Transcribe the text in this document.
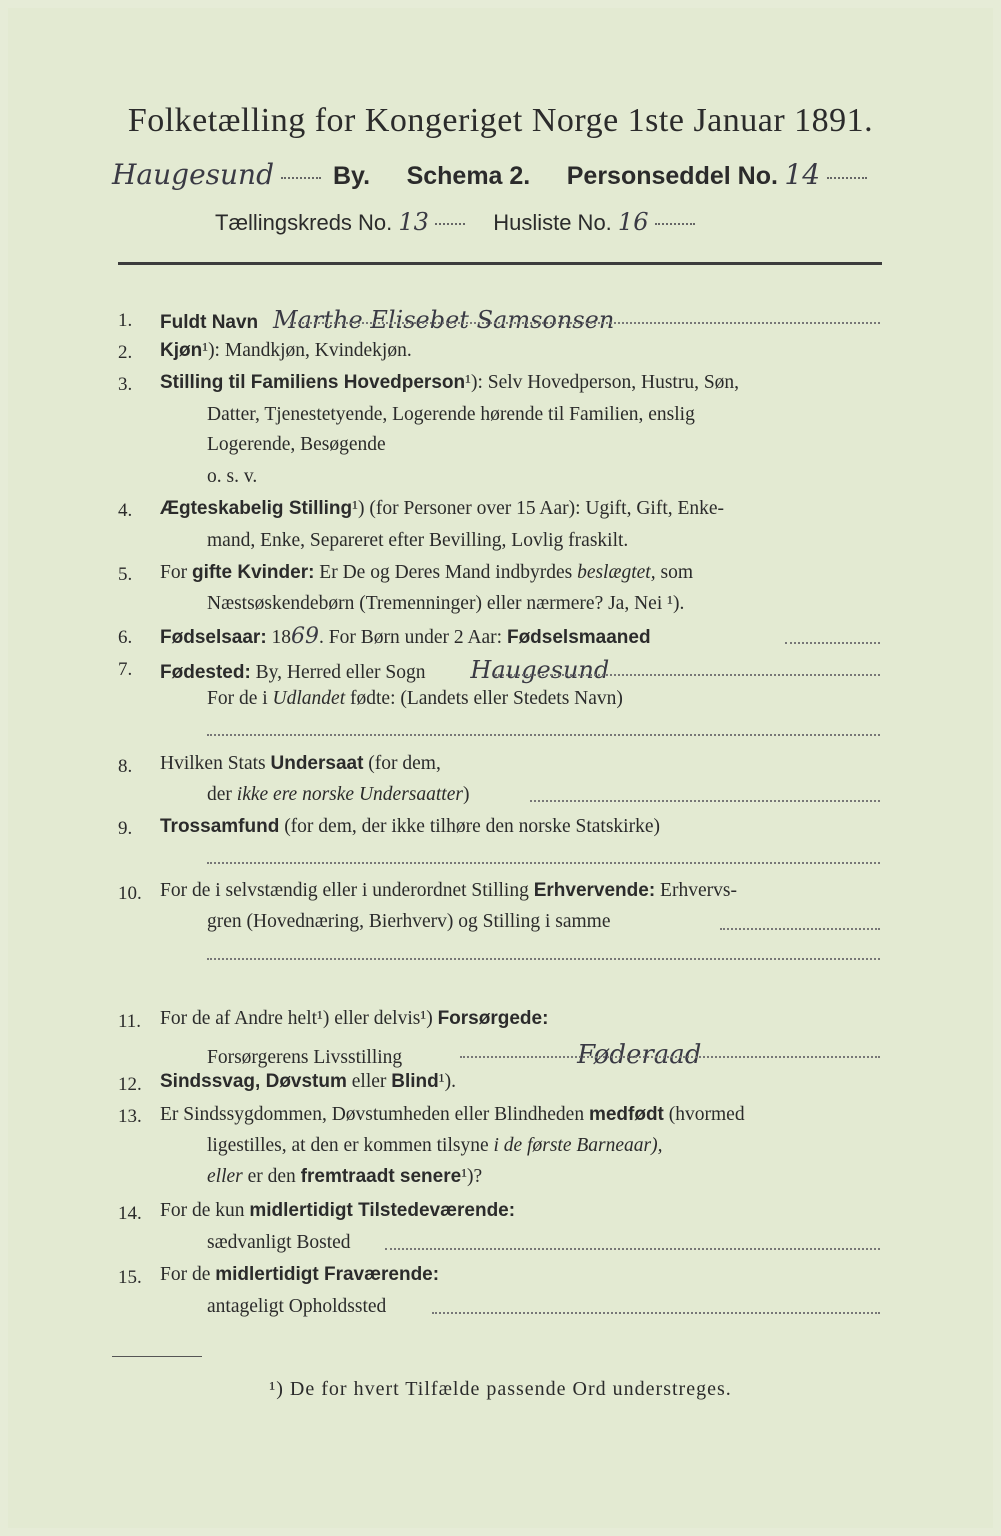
Folketælling for Kongeriget Norge 1ste Januar 1891.
Haugesund By. Schema 2. Personseddel No. 14
Tællingskreds No. 13	Husliste No. 16
1.	Fuldt Navn Marthe Elisebet Samsonsen
2.	Kjøn¹): Mandkjøn, Kvindekjøn.
3.	Stilling til Familiens Hovedperson¹): Selv Hovedperson, Hustru, Søn,
Datter, Tjenestetyende, Logerende hørende til Familien, enslig
Logerende, Besøgende
o. s. v.
4.	Ægteskabelig Stilling¹) (for Personer over 15 Aar): Ugift, Gift, Enke-
mand, Enke, Separeret efter Bevilling, Lovlig fraskilt.
5.	For gifte Kvinder: Er De og Deres Mand indbyrdes beslægtet, som
Næstsøskendebørn (Tremenninger) eller nærmere? Ja, Nei ¹).
6.	Fødselsaar: 1869. For Børn under 2 Aar: Fødselsmaaned
7.	Fødested: By, Herred eller Sogn Haugesund
For de i Udlandet fødte: (Landets eller Stedets Navn)
8.	Hvilken Stats Undersaat (for dem,
der ikke ere norske Undersaatter)
9.	Trossamfund (for dem, der ikke tilhøre den norske Statskirke)
10. For de i selvstændig eller i underordnet Stilling Erhvervende: Erhvervs-
gren (Hovednæring, Bierhverv) og Stilling i samme
11. For de af Andre helt¹) eller delvis¹) Forsørgede:
Forsørgerens Livsstilling	Føderaad
12. Sindssvag, Døvstum eller Blind¹).
13. Er Sindssygdommen, Døvstumheden eller Blindheden medfødt (hvormed
ligestilles, at den er kommen tilsyne i de første Barneaar),
eller er den fremtraadt senere¹)?
14. For de kun midlertidigt Tilstedeværende:
sædvanligt Bosted
15. For de midlertidigt Fraværende:
antageligt Opholdssted
¹) De for hvert Tilfælde passende Ord understreges.
